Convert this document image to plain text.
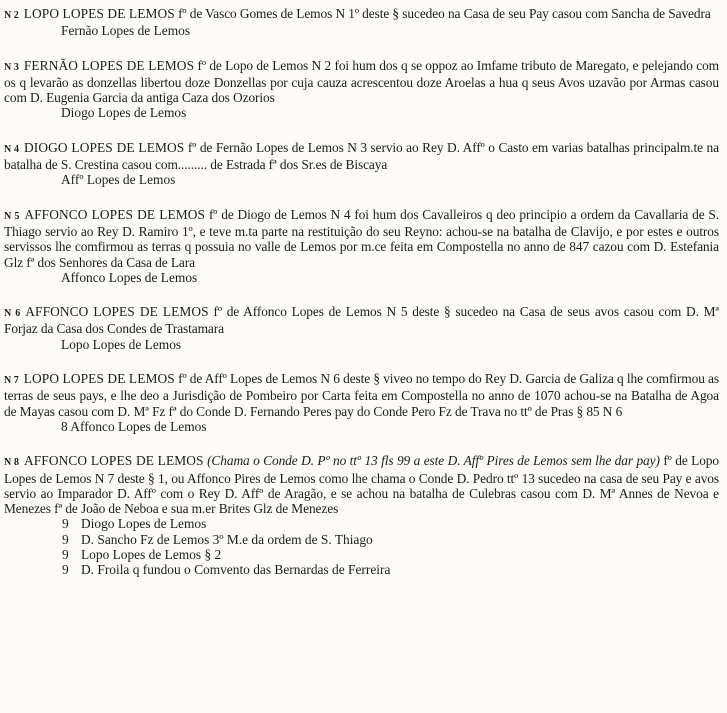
N 2 LOPO LOPES DE LEMOS fº de Vasco Gomes de Lemos N 1º deste § sucedeo na Casa de seu Pay casou com Sancha de Savedra

Fernão Lopes de Lemos

N 3 FERNÃO LOPES DE LEMOS fº de Lopo de Lemos N 2 foi hum dos q se oppoz ao Imfame tributo de Maregato, e pelejando com os q levarão as donzellas libertou doze Donzellas por cuja cauza acrescentou doze Aroelas a hua q seus Avos uzavão por Armas casou com D. Eugenia Garcia da antiga Caza dos Ozorios

Diogo Lopes de Lemos

N 4 DIOGO LOPES DE LEMOS fº de Fernão Lopes de Lemos N 3 servio ao Rey D. Affº o Casto em varias batalhas principalm.te na batalha de S. Crestina casou com......... de Estrada fª dos Sr.es de Biscaya

Affº Lopes de Lemos

N 5 AFFONCO LOPES DE LEMOS fº de Diogo de Lemos N 4 foi hum dos Cavalleiros q deo principio a ordem da Cavallaria de S. Thiago servio ao Rey D. Ramiro 1º, e teve m.ta parte na restituição do seu Reyno: achou-se na batalha de Clavijo, e por estes e outros servissos lhe comfirmou as terras q possuia no valle de Lemos por m.ce feita em Compostella no anno de 847 cazou com D. Estefania Glz fª dos Senhores da Casa de Lara

Affonco Lopes de Lemos

N 6 AFFONCO LOPES DE LEMOS fº de Affonco Lopes de Lemos N 5 deste § sucedeo na Casa de seus avos casou com D. Mª Forjaz da Casa dos Condes de Trastamara

Lopo Lopes de Lemos

N 7 LOPO LOPES DE LEMOS fº de Affº Lopes de Lemos N 6 deste § viveo no tempo do Rey D. Garcia de Galiza q lhe comfirmou as terras de seus pays, e lhe deo a Jurisdição de Pombeiro por Carta feita em Compostella no anno de 1070 achou-se na Batalha de Agoa de Mayas casou com D. Mª Fz fª do Conde D. Fernando Peres pay do Conde Pero Fz de Trava no ttº de Pras § 85 N 6

8 Affonco Lopes de Lemos

N 8 AFFONCO LOPES DE LEMOS (Chama o Conde D. Pº no ttº 13 fls 99 a este D. Affº Pires de Lemos sem lhe dar pay) fº de Lopo Lopes de Lemos N 7 deste § 1, ou Affonco Pires de Lemos como lhe chama o Conde D. Pedro ttº 13 sucedeo na casa de seu Pay e avos servio ao Imparador D. Affº com o Rey D. Affº de Aragão, e se achou na batalha de Culebras casou com D. Mª Annes de Nevoa e Menezes fª de João de Neboa e sua m.er Brites Glz de Menezes

9 Diogo Lopes de Lemos
9 D. Sancho Fz de Lemos 3º M.e da ordem de S. Thiago
9 Lopo Lopes de Lemos § 2
9 D. Froila q fundou o Comvento das Bernardas de Ferreira
